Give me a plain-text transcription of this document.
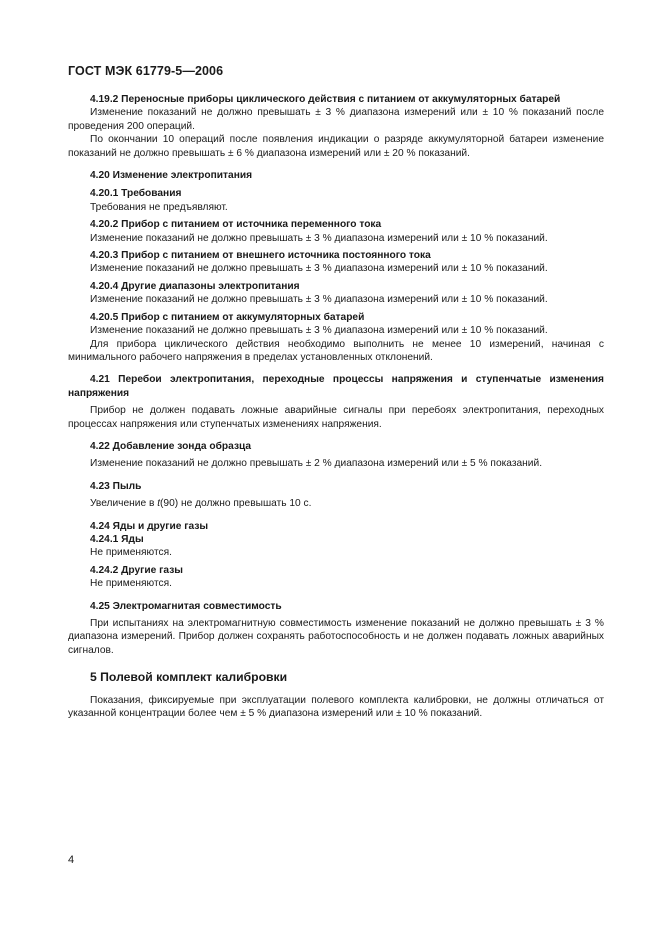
ГОСТ МЭК 61779-5—2006

4.19.2 Переносные приборы циклического действия с питанием от аккумуляторных батарей

Изменение показаний не должно превышать ± 3 % диапазона измерений или ± 10 % показаний после проведения 200 операций.

По окончании 10 операций после появления индикации о разряде аккумуляторной батареи изменение показаний не должно превышать ± 6 % диапазона измерений или ± 20 % показаний.

4.20 Изменение электропитания

4.20.1 Требования

Требования не предъявляют.

4.20.2 Прибор с питанием от источника переменного тока

Изменение показаний не должно превышать ± 3 % диапазона измерений или ± 10 % показаний.

4.20.3 Прибор с питанием от внешнего источника постоянного тока

Изменение показаний не должно превышать ± 3 % диапазона измерений или ± 10 % показаний.

4.20.4 Другие диапазоны электропитания

Изменение показаний не должно превышать ± 3 % диапазона измерений или ± 10 % показаний.

4.20.5 Прибор с питанием от аккумуляторных батарей

Изменение показаний не должно превышать ± 3 % диапазона измерений или ± 10 % показаний.

Для прибора циклического действия необходимо выполнить не менее 10 измерений, начиная с минимального рабочего напряжения в пределах установленных отклонений.

4.21 Перебои электропитания, переходные процессы напряжения и ступенчатые изменения напряжения

Прибор не должен подавать ложные аварийные сигналы при перебоях электропитания, переходных процессах напряжения или ступенчатых изменениях напряжения.

4.22 Добавление зонда образца

Изменение показаний не должно превышать ± 2 % диапазона измерений или ± 5 % показаний.

4.23 Пыль

Увеличение в t(90) не должно превышать 10 с.

4.24 Яды и другие газы

4.24.1 Яды

Не применяются.

4.24.2 Другие газы

Не применяются.

4.25 Электромагнитая совместимость

При испытаниях на электромагнитную совместимость изменение показаний не должно превышать ± 3 % диапазона измерений. Прибор должен сохранять работоспособность и не должен подавать ложных аварийных сигналов.

5 Полевой комплект калибровки

Показания, фиксируемые при эксплуатации полевого комплекта калибровки, не должны отличаться от указанной концентрации более чем ± 5 % диапазона измерений или ± 10 % показаний.

4
